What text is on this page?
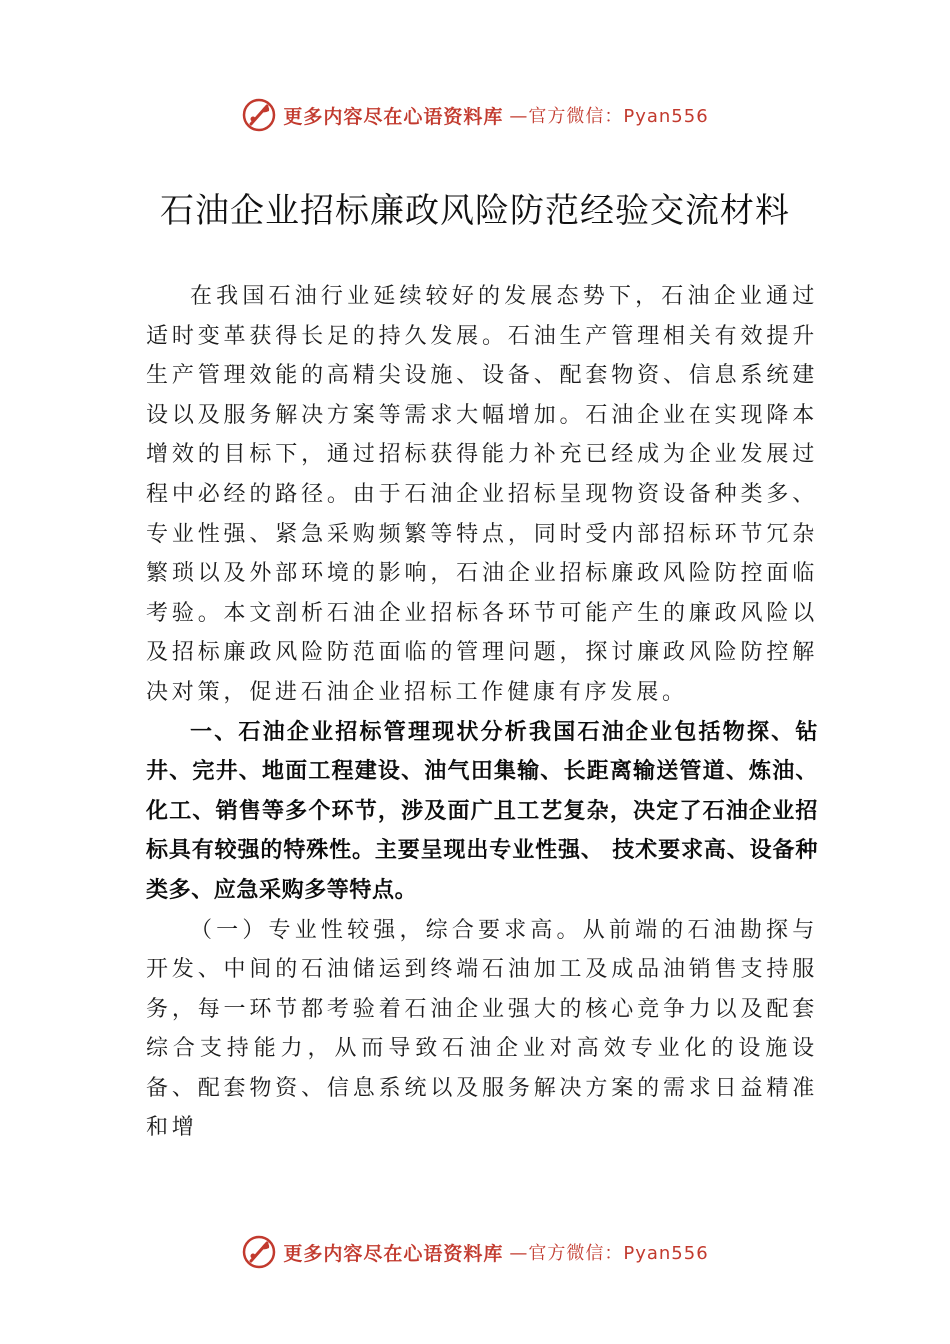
更多内容尽在心语资料库 —官方微信：Pyan556
石油企业招标廉政风险防范经验交流材料

在我国石油行业延续较好的发展态势下，石油企业通过适时变革获得长足的持久发展。石油生产管理相关有效提升生产管理效能的高精尖设施、设备、配套物资、信息系统建设以及服务解决方案等需求大幅增加。石油企业在实现降本增效的目标下，通过招标获得能力补充已经成为企业发展过程中必经的路径。由于石油企业招标呈现物资设备种类多、 专业性强、紧急采购频繁等特点，同时受内部招标环节冗杂繁琐以及外部环境的影响，石油企业招标廉政风险防控面临考验。本文剖析石油企业招标各环节可能产生的廉政风险以及招标廉政风险防范面临的管理问题，探讨廉政风险防控解决对策，促进石油企业招标工作健康有序发展。

一、石油企业招标管理现状分析我国石油企业包括物探、钻井、完井、地面工程建设、油气田集输、长距离输送管道、炼油、化工、销售等多个环节，涉及面广且工艺复杂，决定了石油企业招标具有较强的特殊性。主要呈现出专业性强、 技术要求高、设备种类多、应急采购多等特点。

（一）专业性较强，综合要求高。从前端的石油勘探与开发、中间的石油储运到终端石油加工及成品油销售支持服务，每一环节都考验着石油企业强大的核心竞争力以及配套综合支持能力，从而导致石油企业对高效专业化的设施设备、配套物资、信息系统以及服务解决方案的需求日益精准和增

更多内容尽在心语资料库 —官方微信：Pyan556
